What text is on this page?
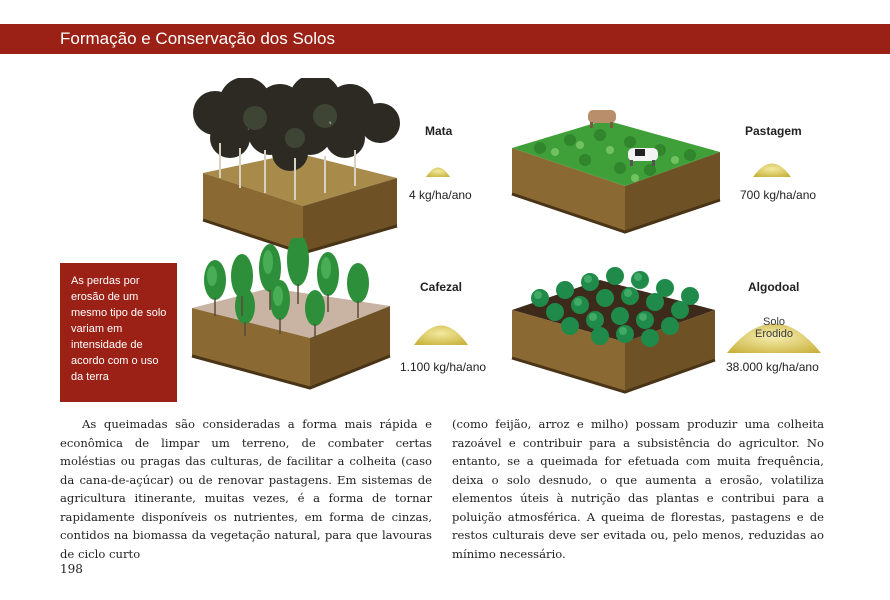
Formação e Conservação dos Solos
Mata
4 kg/ha/ano
Pastagem
700 kg/ha/ano
Cafezal
1.100 kg/ha/ano
Algodoal
Solo
Erodido
38.000 kg/ha/ano

As perdas por erosão de um mesmo tipo de solo variam em intensidade de acordo com o uso da terra

As queimadas são consideradas a forma mais rápida e econômica de limpar um terreno, de combater certas moléstias ou pragas das culturas, de facilitar a colheita (caso da cana-de-açúcar) ou de renovar pastagens. Em sistemas de agricultura itinerante, muitas vezes, é a forma de tornar rapidamente disponíveis os nutrientes, em forma de cinzas, contidos na biomassa da vegetação natural, para que lavouras de ciclo curto

(como feijão, arroz e milho) possam produzir uma colheita razoável e contribuir para a subsistência do agricultor. No entanto, se a queimada for efetuada com muita frequência, deixa o solo desnudo, o que aumenta a erosão, volatiliza elementos úteis à nutrição das plantas e contribui para a poluição atmosférica. A queima de florestas, pastagens e de restos culturais deve ser evitada ou, pelo menos, reduzidas ao mínimo necessário.

198
